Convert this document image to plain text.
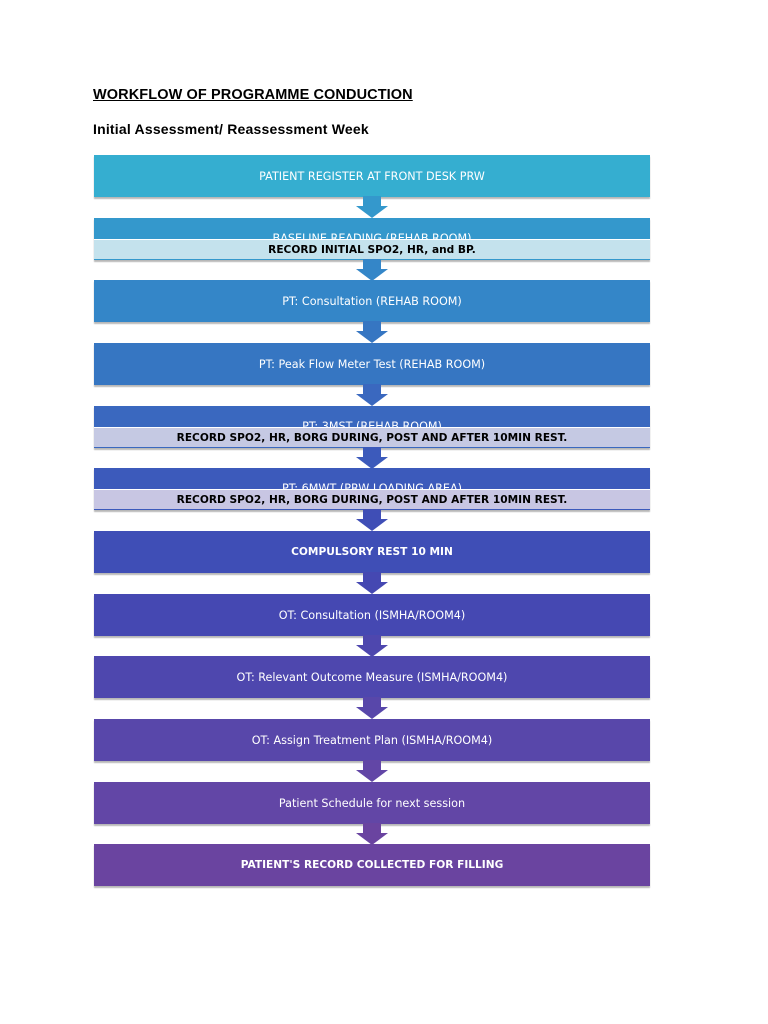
WORKFLOW OF PROGRAMME CONDUCTION
Initial Assessment/ Reassessment Week
PATIENT REGISTER AT FRONT DESK PRW
PT: Consultation (REHAB ROOM)
PT: Peak Flow Meter Test (REHAB ROOM)
COMPULSORY REST 10 MIN
OT: Consultation (ISMHA/ROOM4)
OT: Relevant Outcome Measure (ISMHA/ROOM4)
OT: Assign Treatment Plan (ISMHA/ROOM4)
Patient Schedule for next session
PATIENT'S RECORD COLLECTED FOR FILLING
RECORD INITIAL SPO2, HR, and BP.
RECORD SPO2, HR, BORG DURING, POST AND AFTER 10MIN REST.
RECORD SPO2, HR, BORG DURING, POST AND AFTER 10MIN REST.
